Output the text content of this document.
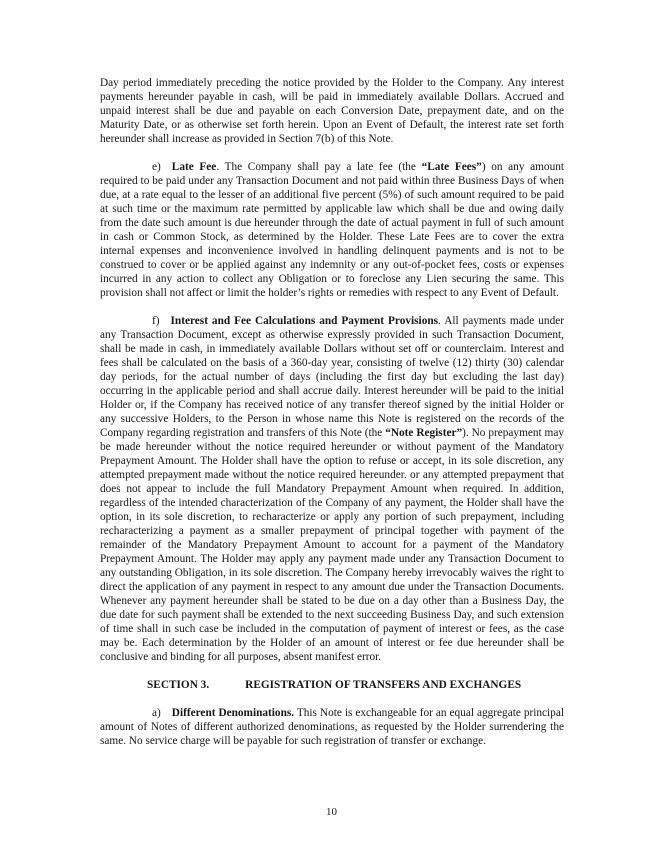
Day period immediately preceding the notice provided by the Holder to the Company. Any interest payments hereunder payable in cash, will be paid in immediately available Dollars. Accrued and unpaid interest shall be due and payable on each Conversion Date, prepayment date, and on the Maturity Date, or as otherwise set forth herein. Upon an Event of Default, the interest rate set forth hereunder shall increase as provided in Section 7(b) of this Note.

e) Late Fee. The Company shall pay a late fee (the “Late Fees”) on any amount required to be paid under any Transaction Document and not paid within three Business Days of when due, at a rate equal to the lesser of an additional five percent (5%) of such amount required to be paid at such time or the maximum rate permitted by applicable law which shall be due and owing daily from the date such amount is due hereunder through the date of actual payment in full of such amount in cash or Common Stock, as determined by the Holder. These Late Fees are to cover the extra internal expenses and inconvenience involved in handling delinquent payments and is not to be construed to cover or be applied against any indemnity or any out-of-pocket fees, costs or expenses incurred in any action to collect any Obligation or to foreclose any Lien securing the same. This provision shall not affect or limit the holder’s rights or remedies with respect to any Event of Default.

f) Interest and Fee Calculations and Payment Provisions. All payments made under any Transaction Document, except as otherwise expressly provided in such Transaction Document, shall be made in cash, in immediately available Dollars without set off or counterclaim. Interest and fees shall be calculated on the basis of a 360-day year, consisting of twelve (12) thirty (30) calendar day periods, for the actual number of days (including the first day but excluding the last day) occurring in the applicable period and shall accrue daily. Interest hereunder will be paid to the initial Holder or, if the Company has received notice of any transfer thereof signed by the initial Holder or any successive Holders, to the Person in whose name this Note is registered on the records of the Company regarding registration and transfers of this Note (the “Note Register”). No prepayment may be made hereunder without the notice required hereunder or without payment of the Mandatory Prepayment Amount. The Holder shall have the option to refuse or accept, in its sole discretion, any attempted prepayment made without the notice required hereunder. or any attempted prepayment that does not appear to include the full Mandatory Prepayment Amount when required. In addition, regardless of the intended characterization of the Company of any payment, the Holder shall have the option, in its sole discretion, to recharacterize or apply any portion of such prepayment, including recharacterizing a payment as a smaller prepayment of principal together with payment of the remainder of the Mandatory Prepayment Amount to account for a payment of the Mandatory Prepayment Amount. The Holder may apply any payment made under any Transaction Document to any outstanding Obligation, in its sole discretion. The Company hereby irrevocably waives the right to direct the application of any payment in respect to any amount due under the Transaction Documents. Whenever any payment hereunder shall be stated to be due on a day other than a Business Day, the due date for such payment shall be extended to the next succeeding Business Day, and such extension of time shall in such case be included in the computation of payment of interest or fees, as the case may be. Each determination by the Holder of an amount of interest or fee due hereunder shall be conclusive and binding for all purposes, absent manifest error.

SECTION 3.	REGISTRATION OF TRANSFERS AND EXCHANGES

a) Different Denominations. This Note is exchangeable for an equal aggregate principal amount of Notes of different authorized denominations, as requested by the Holder surrendering the same. No service charge will be payable for such registration of transfer or exchange.

10
